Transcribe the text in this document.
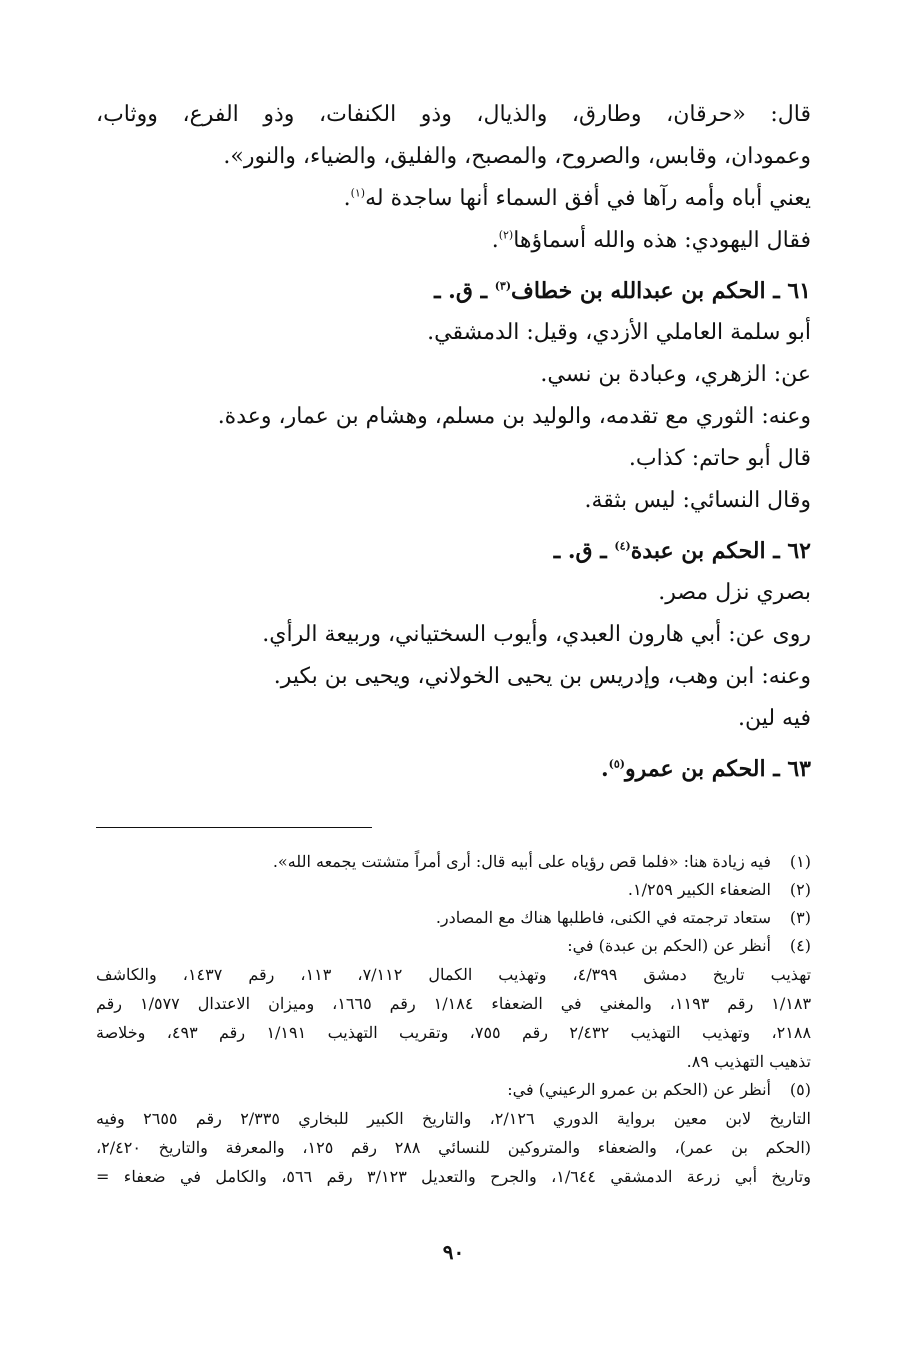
قال: «حرقان، وطارق، والذيال، وذو الكنفات، وذو الفرع، ووثاب،
وعمودان، وقابس، والصروح، والمصبح، والفليق، والضياء، والنور».
يعني أباه وأمه رآها في أفق السماء أنها ساجدة له$^{(١)}$.
فقال اليهودي: هذه والله أسماؤها$^{(٢)}$.
٦١ ـ الحكم بن عبدالله بن خطاف$^{(٣)}$ ـ ق. ـ
أبو سلمة العاملي الأزدي، وقيل: الدمشقي.
عن: الزهري، وعبادة بن نسي.
وعنه: الثوري مع تقدمه، والوليد بن مسلم، وهشام بن عمار، وعدة.
قال أبو حاتم: كذاب.
وقال النسائي: ليس بثقة.
٦٢ ـ الحكم بن عبدة$^{(٤)}$ ـ ق. ـ
بصري نزل مصر.
روى عن: أبي هارون العبدي، وأيوب السختياني، وربيعة الرأي.
وعنه: ابن وهب، وإدريس بن يحيى الخولاني، ويحيى بن بكير.
فيه لين.
٦٣ ـ الحكم بن عمرو$^{(٥)}$.
(١)
فيه زيادة هنا: «فلما قص رؤياه على أبيه قال: أرى أمراً متشتت يجمعه الله».
(٢)
الضعفاء الكبير ١/٢٥٩.
(٣)
ستعاد ترجمته في الكنى، فاطلبها هناك مع المصادر.
(٤)
أنظر عن (الحكم بن عبدة) في:
تهذيب تاريخ دمشق ٤/٣٩٩، وتهذيب الكمال ٧/١١٢، ١١٣، رقم ١٤٣٧، والكاشف
١/١٨٣ رقم ١١٩٣، والمغني في الضعفاء ١/١٨٤ رقم ١٦٦٥، وميزان الاعتدال ١/٥٧٧ رقم
٢١٨٨، وتهذيب التهذيب ٢/٤٣٢ رقم ٧٥٥، وتقريب التهذيب ١/١٩١ رقم ٤٩٣، وخلاصة
تذهيب التهذيب ٨٩.
(٥)
أنظر عن (الحكم بن عمرو الرعيني) في:
التاريخ لابن معين برواية الدوري ٢/١٢٦، والتاريخ الكبير للبخاري ٢/٣٣٥ رقم ٢٦٥٥ وفيه
(الحكم بن عمر)، والضعفاء والمتروكين للنسائي ٢٨٨ رقم ١٢٥، والمعرفة والتاريخ ٢/٤٢٠،
وتاريخ أبي زرعة الدمشقي ١/٦٤٤، والجرح والتعديل ٣/١٢٣ رقم ٥٦٦، والكامل في ضعفاء =
٩٠
